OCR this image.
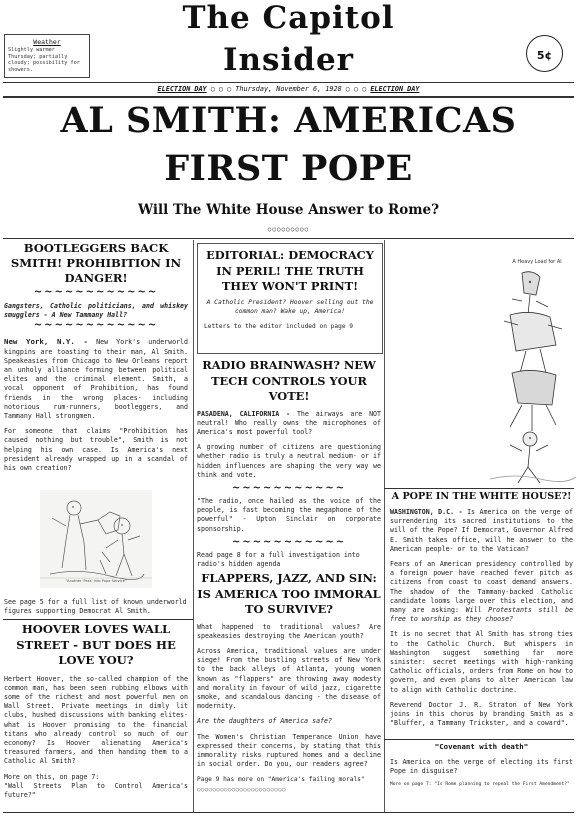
Weather
Slightly warmer Thursday; partially cloudy; possibility for showers.
The Capitol
Insider	5¢
ELECTION DAY ○ ○ ○ Thursday, November 6, 1928 ○ ○ ○ ELECTION DAY
AL SMITH: AMERICAS
FIRST POPE
Will The White House Answer to Rome?
○○○○○○○○○
BOOTLEGGERS BACK SMITH! PROHIBITION IN DANGER!
~~~~~~~~~~~~
Gangsters, Catholic politicians, and whiskey smugglers - A New Tammany Hall?
~~~~~~~~~~~~

New York, N.Y. - New York's underworld kingpins are toasting to their man, Al Smith. Speakeasies from Chicago to New Orleans report an unholy alliance forming between political elites and the criminal element. Smith, a vocal opponent of Prohibition, has found friends in the wrong places- including notorious rum-runners, bootleggers, and Tammany Hall strongmen.

For someone that claims "Prohibition has caused nothing but trouble", Smith is not helping his own case. Is America's next president already wrapped up in a scandal of his own creation?

"Another 'Pass' Into Pope Service"
See page 5 for a full list of known underworld figures supporting Democrat Al Smith.
HOOVER LOVES WALL STREET - BUT DOES HE LOVE YOU?

Herbert Hoover, the so-called champion of the common man, has been seen rubbing elbows with some of the richest and most powerful men on Wall Street. Private meetings in dimly lit clubs, hushed discussions with banking elites- what is Hoover promising to the financial titans who already control so much of our economy? Is Hoover alienating America's treasured farmers, and then handing them to a Catholic Al Smith?

More on this, on page 7:
"Wall Streets Plan to Control America's future?"

EDITORIAL: DEMOCRACY IN PERIL! THE TRUTH THEY WON'T PRINT!
A Catholic President? Hoover selling out the common man? Wake up, America!
Letters to the editor included on page 9
RADIO BRAINWASH? NEW TECH CONTROLS YOUR VOTE!

PASADENA, CALIFORNIA - The airways are NOT neutral! Who really owns the microphones of America's most powerful tool?

A growing number of citizens are questioning whether radio is truly a neutral medium- or if hidden influences are shaping the very way we think and vote.

~~~~~~~~~~~

"The radio, once hailed as the voice of the people, is fast becoming the megaphone of the powerful" - Upton Sinclair on corporate sponsorship.

~~~~~~~~~~~
Read page 8 for a full investigation into radio's hidden agenda
FLAPPERS, JAZZ, AND SIN: IS AMERICA TOO IMMORAL TO SURVIVE?

What happened to traditional values? Are speakeasies destroying the American youth?

Across America, traditional values are under siege! From the bustling streets of New York to the back alleys of Atlanta, young women known as "flappers" are throwing away modesty and morality in favour of wild jazz, cigarette smoke, and scandalous dancing - the disease of modernity.

Are the daughters of America safe?

The Women's Christian Temperance Union have expressed their concerns, by stating that this immorality risks ruptured homes and a decline in social order. Do you, our readers agree?

Page 9 has more on "America's failing morals"

○○○○○○○○○○○○○○○○○○○○○○○
A Heavy Load for Al
A POPE IN THE WHITE HOUSE?!

WASHINGTON, D.C. - Is America on the verge of surrendering its sacred institutions to the will of the Pope? If Democrat, Governor Alfred E. Smith takes office, will he answer to the American people- or to the Vatican?

Fears of an American presidency controlled by a foreign power have reached fever pitch as citizens from coast to coast demand answers. The shadow of the Tammany-backed Catholic candidate looms large over this election, and many are asking: Will Protestants still be free to worship as they choose?

It is no secret that Al Smith has strong ties to the Catholic Church. But whispers in Washington suggest something far more sinister: secret meetings with high-ranking Catholic officials, orders from Rome on how to govern, and even plans to alter American law to align with Catholic doctrine.

Reverend Doctor J. R. Straton of New York joins in this chorus by branding Smith as a "Bluffer, a Tammany Trickster, and a coward".

"Covenant with death"

Is America on the verge of electing its first Pope in disguise?

More on page 7: "Is Rome planning to repeal the First Amendment?"
